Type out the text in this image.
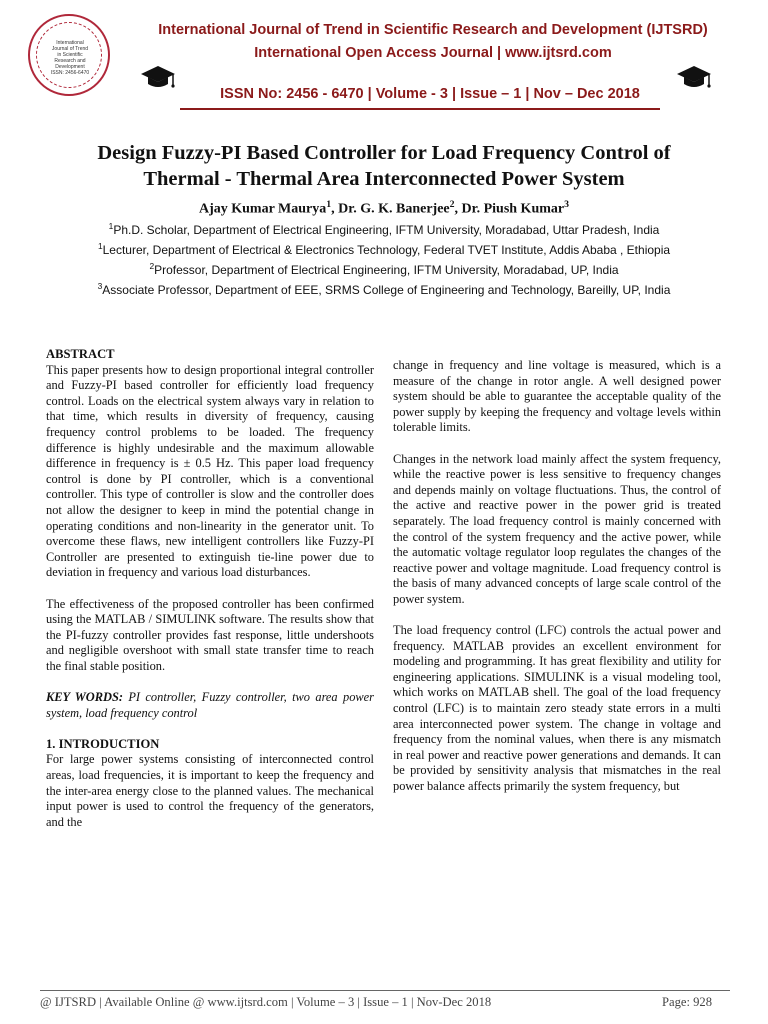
International Journal of Trend in Scientific Research and Development
ISSN: 2456-6470
International Journal of Trend in Scientific Research and Development (IJTSRD)
International Open Access Journal | www.ijtsrd.com
ISSN No: 2456 - 6470 | Volume - 3 | Issue – 1 | Nov – Dec 2018
Design Fuzzy-PI Based Controller for Load Frequency Control of
Thermal - Thermal Area Interconnected Power System
Ajay Kumar Maurya$^1$, Dr. G. K. Banerjee$^2$, Dr. Piush Kumar$^3$
$^1$Ph.D. Scholar, Department of Electrical Engineering, IFTM University, Moradabad, Uttar Pradesh, India
$^1$Lecturer, Department of Electrical & Electronics Technology, Federal TVET Institute, Addis Ababa , Ethiopia
$^2$Professor, Department of Electrical Engineering, IFTM University, Moradabad, UP, India
$^3$Associate Professor, Department of EEE, SRMS College of Engineering and Technology, Bareilly, UP, India
ABSTRACT

This paper presents how to design proportional integral controller and Fuzzy-PI based controller for efficiently load frequency control. Loads on the electrical system always vary in relation to that time, which results in diversity of frequency, causing frequency control problems to be loaded. The frequency difference is highly undesirable and the maximum allowable difference in frequency is ± 0.5 Hz. This paper load frequency control is done by PI controller, which is a conventional controller. This type of controller is slow and the controller does not allow the designer to keep in mind the potential change in operating conditions and non-linearity in the generator unit. To overcome these flaws, new intelligent controllers like Fuzzy-PI Controller are presented to extinguish tie-line power due to deviation in frequency and various load disturbances.

The effectiveness of the proposed controller has been confirmed using the MATLAB / SIMULINK software. The results show that the PI-fuzzy controller provides fast response, little undershoots and negligible overshoot with small state transfer time to reach the final stable position.

KEY WORDS: PI controller, Fuzzy controller, two area power system, load frequency control

1. INTRODUCTION

For large power systems consisting of interconnected control areas, load frequencies, it is important to keep the frequency and the inter-area energy close to the planned values. The mechanical input power is used to control the frequency of the generators, and the

change in frequency and line voltage is measured, which is a measure of the change in rotor angle. A well designed power system should be able to guarantee the acceptable quality of the power supply by keeping the frequency and voltage levels within tolerable limits.

Changes in the network load mainly affect the system frequency, while the reactive power is less sensitive to frequency changes and depends mainly on voltage fluctuations. Thus, the control of the active and reactive power in the power grid is treated separately. The load frequency control is mainly concerned with the control of the system frequency and the active power, while the automatic voltage regulator loop regulates the changes of the reactive power and voltage magnitude. Load frequency control is the basis of many advanced concepts of large scale control of the power system.

The load frequency control (LFC) controls the actual power and frequency. MATLAB provides an excellent environment for modeling and programming. It has great flexibility and utility for engineering applications. SIMULINK is a visual modeling tool, which works on MATLAB shell. The goal of the load frequency control (LFC) is to maintain zero steady state errors in a multi area interconnected power system. The change in voltage and frequency from the nominal values, when there is any mismatch in real power and reactive power generations and demands. It can be provided by sensitivity analysis that mismatches in the real power balance affects primarily the system frequency, but

@ IJTSRD | Available Online @ www.ijtsrd.com | Volume – 3 | Issue – 1 | Nov-Dec 2018	Page: 928
